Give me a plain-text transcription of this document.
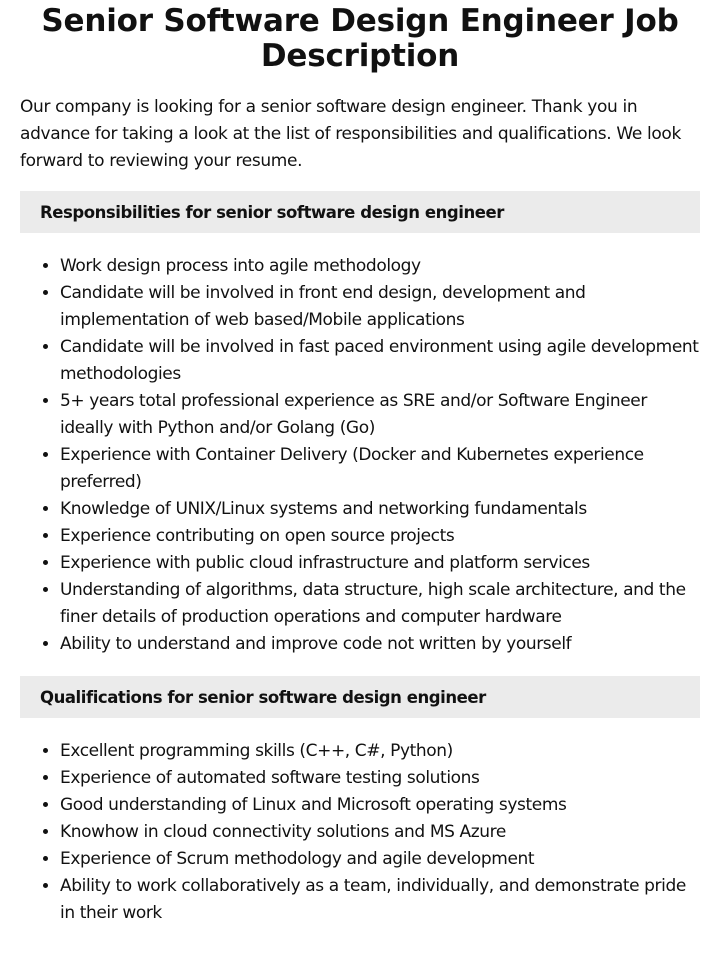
Senior Software Design Engineer Job Description

Our company is looking for a senior software design engineer. Thank you in advance for taking a look at the list of responsibilities and qualifications. We look forward to reviewing your resume.

Responsibilities for senior software design engineer
• Work design process into agile methodology
• Candidate will be involved in front end design, development and implementation of web based/Mobile applications
• Candidate will be involved in fast paced environment using agile development methodologies
• 5+ years total professional experience as SRE and/or Software Engineer ideally with Python and/or Golang (Go)
• Experience with Container Delivery (Docker and Kubernetes experience preferred)
• Knowledge of UNIX/Linux systems and networking fundamentals
• Experience contributing on open source projects
• Experience with public cloud infrastructure and platform services
• Understanding of algorithms, data structure, high scale architecture, and the finer details of production operations and computer hardware
• Ability to understand and improve code not written by yourself
Qualifications for senior software design engineer
• Excellent programming skills (C++, C#, Python)
• Experience of automated software testing solutions
• Good understanding of Linux and Microsoft operating systems
• Knowhow in cloud connectivity solutions and MS Azure
• Experience of Scrum methodology and agile development
• Ability to work collaboratively as a team, individually, and demonstrate pride in their work
